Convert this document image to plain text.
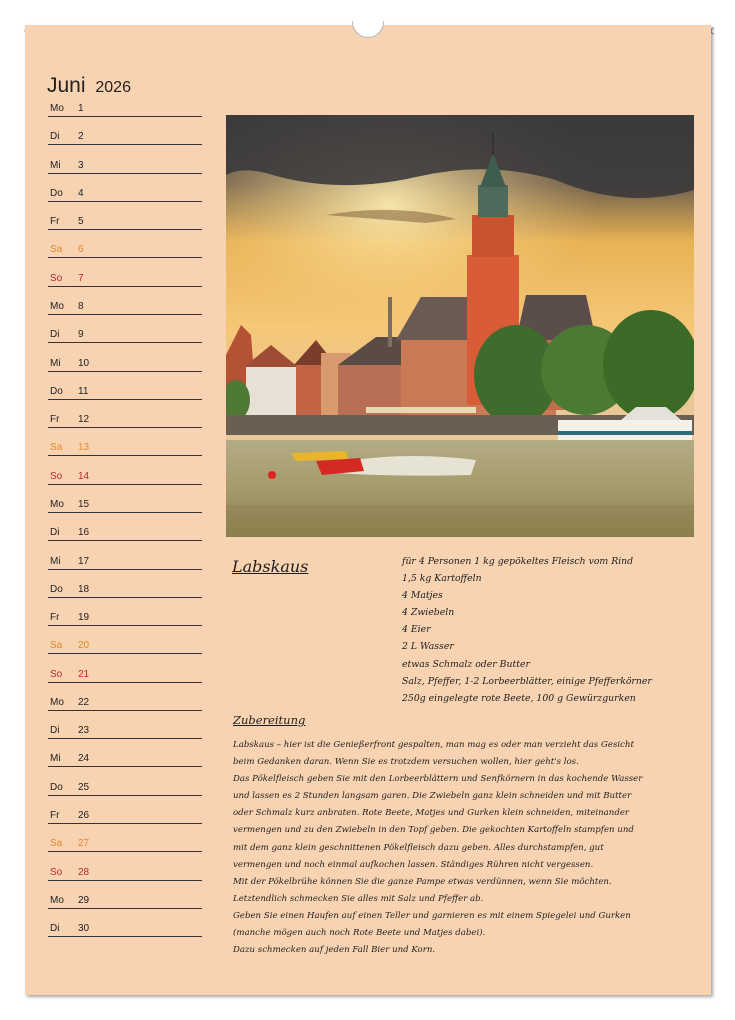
Juni 2026
Mo 1
Di 2
Mi 3
Do 4
Fr 5
Sa 6
So 7
Mo 8
Di 9
Mi 10
Do 11
Fr 12
Sa 13
So 14
Mo 15
Di 16
Mi 17
Do 18
Fr 19
Sa 20
So 21
Mo 22
Di 23
Mi 24
Do 25
Fr 26
Sa 27
So 28
Mo 29
Di 30
Labskaus	für 4 Personen 1 kg gepökeltes Fleisch vom Rind
1,5 kg Kartoffeln
4 Matjes
4 Zwiebeln
4 Eier
2 L Wasser
etwas Schmalz oder Butter
Salz, Pfeffer, 1-2 Lorbeerblätter, einige Pfefferkörner
250g eingelegte rote Beete, 100 g Gewürzgurken
Zubereitung
Labskaus – hier ist die Genießerfront gespalten, man mag es oder man verzieht das Gesicht
beim Gedanken daran. Wenn Sie es trotzdem versuchen wollen, hier geht's los.
Das Pökelfleisch geben Sie mit den Lorbeerblättern und Senfkörnern in das kochende Wasser
und lassen es 2 Stunden langsam garen. Die Zwiebeln ganz klein schneiden und mit Butter
oder Schmalz kurz anbraten. Rote Beete, Matjes und Gurken klein schneiden, miteinander
vermengen und zu den Zwiebeln in den Topf geben. Die gekochten Kartoffeln stampfen und
mit dem ganz klein geschnittenen Pökelfleisch dazu geben. Alles durchstampfen, gut
vermengen und noch einmal aufkochen lassen. Ständiges Rühren nicht vergessen.
Mit der Pökelbrühe können Sie die ganze Pampe etwas verdünnen, wenn Sie möchten.
Letztendlich schmecken Sie alles mit Salz und Pfeffer ab.
Geben Sie einen Haufen auf einen Teller und garnieren es mit einem Spiegelei und Gurken
(manche mögen auch noch Rote Beete und Matjes dabei).
Dazu schmecken auf jeden Fall Bier und Korn.
